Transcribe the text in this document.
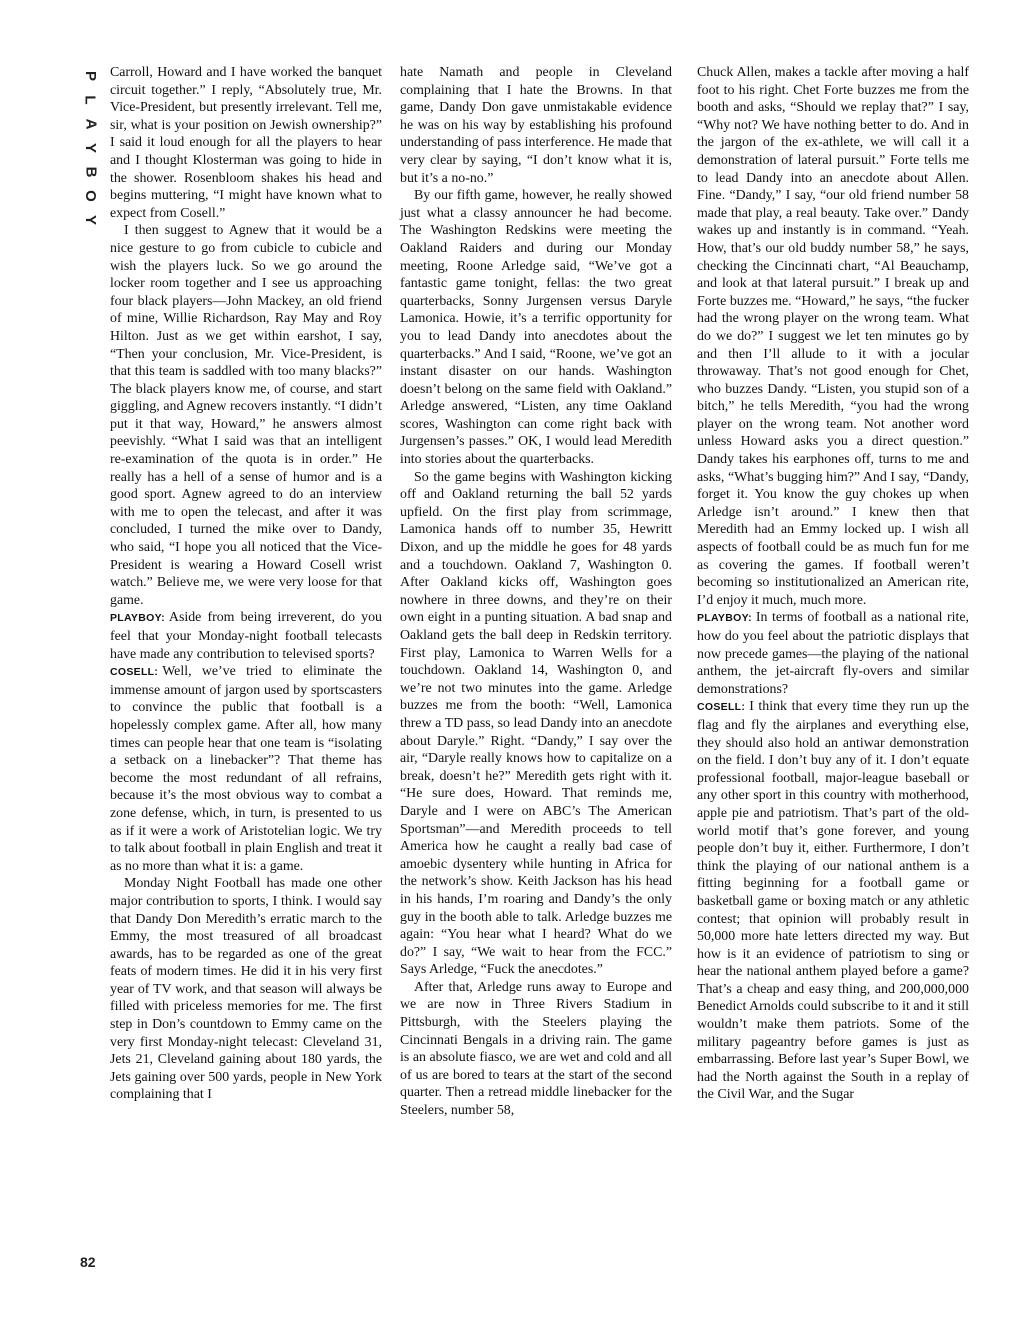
P
L
A
Y
B
O
Y

Carroll, Howard and I have worked the banquet circuit together.” I reply, “Absolutely true, Mr. Vice-President, but presently irrelevant. Tell me, sir, what is your position on Jewish ownership?” I said it loud enough for all the players to hear and I thought Klosterman was going to hide in the shower. Rosenbloom shakes his head and begins muttering, “I might have known what to expect from Cosell.”

I then suggest to Agnew that it would be a nice gesture to go from cubicle to cubicle and wish the players luck. So we go around the locker room together and I see us approaching four black players—John Mackey, an old friend of mine, Willie Richardson, Ray May and Roy Hilton. Just as we get within earshot, I say, “Then your conclusion, Mr. Vice-President, is that this team is saddled with too many blacks?” The black players know me, of course, and start giggling, and Agnew recovers instantly. “I didn’t put it that way, Howard,” he answers almost peevishly. “What I said was that an intelligent re-examination of the quota is in order.” He really has a hell of a sense of humor and is a good sport. Agnew agreed to do an interview with me to open the telecast, and after it was concluded, I turned the mike over to Dandy, who said, “I hope you all noticed that the Vice-President is wearing a Howard Cosell wrist watch.” Believe me, we were very loose for that game.

PLAYBOY: Aside from being irreverent, do you feel that your Monday-night football telecasts have made any contribution to televised sports?

COSELL: Well, we’ve tried to eliminate the immense amount of jargon used by sportscasters to convince the public that football is a hopelessly complex game. After all, how many times can people hear that one team is “isolating a setback on a linebacker”? That theme has become the most redundant of all refrains, because it’s the most obvious way to combat a zone defense, which, in turn, is presented to us as if it were a work of Aristotelian logic. We try to talk about football in plain English and treat it as no more than what it is: a game.

Monday Night Football has made one other major contribution to sports, I think. I would say that Dandy Don Meredith’s erratic march to the Emmy, the most treasured of all broadcast awards, has to be regarded as one of the great feats of modern times. He did it in his very first year of TV work, and that season will always be filled with priceless memories for me. The first step in Don’s countdown to Emmy came on the very first Monday-night telecast: Cleveland 31, Jets 21, Cleveland gaining about 180 yards, the Jets gaining over 500 yards, people in New York complaining that I

hate Namath and people in Cleveland complaining that I hate the Browns. In that game, Dandy Don gave unmistakable evidence he was on his way by establishing his profound understanding of pass interference. He made that very clear by saying, “I don’t know what it is, but it’s a no-no.”

By our fifth game, however, he really showed just what a classy announcer he had become. The Washington Redskins were meeting the Oakland Raiders and during our Monday meeting, Roone Arledge said, “We’ve got a fantastic game tonight, fellas: the two great quarterbacks, Sonny Jurgensen versus Daryle Lamonica. Howie, it’s a terrific opportunity for you to lead Dandy into anecdotes about the quarterbacks.” And I said, “Roone, we’ve got an instant disaster on our hands. Washington doesn’t belong on the same field with Oakland.” Arledge answered, “Listen, any time Oakland scores, Washington can come right back with Jurgensen’s passes.” OK, I would lead Meredith into stories about the quarterbacks.

So the game begins with Washington kicking off and Oakland returning the ball 52 yards upfield. On the first play from scrimmage, Lamonica hands off to number 35, Hewritt Dixon, and up the middle he goes for 48 yards and a touchdown. Oakland 7, Washington 0. After Oakland kicks off, Washington goes nowhere in three downs, and they’re on their own eight in a punting situation. A bad snap and Oakland gets the ball deep in Redskin territory. First play, Lamonica to Warren Wells for a touchdown. Oakland 14, Washington 0, and we’re not two minutes into the game. Arledge buzzes me from the booth: “Well, Lamonica threw a TD pass, so lead Dandy into an anecdote about Daryle.” Right. “Dandy,” I say over the air, “Daryle really knows how to capitalize on a break, doesn’t he?” Meredith gets right with it. “He sure does, Howard. That reminds me, Daryle and I were on ABC’s The American Sportsman”—and Meredith proceeds to tell America how he caught a really bad case of amoebic dysentery while hunting in Africa for the network’s show. Keith Jackson has his head in his hands, I’m roaring and Dandy’s the only guy in the booth able to talk. Arledge buzzes me again: “You hear what I heard? What do we do?” I say, “We wait to hear from the FCC.” Says Arledge, “Fuck the anecdotes.”

After that, Arledge runs away to Europe and we are now in Three Rivers Stadium in Pittsburgh, with the Steelers playing the Cincinnati Bengals in a driving rain. The game is an absolute fiasco, we are wet and cold and all of us are bored to tears at the start of the second quarter. Then a retread middle linebacker for the Steelers, number 58,

Chuck Allen, makes a tackle after moving a half foot to his right. Chet Forte buzzes me from the booth and asks, “Should we replay that?” I say, “Why not? We have nothing better to do. And in the jargon of the ex-athlete, we will call it a demonstration of lateral pursuit.” Forte tells me to lead Dandy into an anecdote about Allen. Fine. “Dandy,” I say, “our old friend number 58 made that play, a real beauty. Take over.” Dandy wakes up and instantly is in command. “Yeah. How, that’s our old buddy number 58,” he says, checking the Cincinnati chart, “Al Beauchamp, and look at that lateral pursuit.” I break up and Forte buzzes me. “Howard,” he says, “the fucker had the wrong player on the wrong team. What do we do?” I suggest we let ten minutes go by and then I’ll allude to it with a jocular throwaway. That’s not good enough for Chet, who buzzes Dandy. “Listen, you stupid son of a bitch,” he tells Meredith, “you had the wrong player on the wrong team. Not another word unless Howard asks you a direct question.” Dandy takes his earphones off, turns to me and asks, “What’s bugging him?” And I say, “Dandy, forget it. You know the guy chokes up when Arledge isn’t around.” I knew then that Meredith had an Emmy locked up. I wish all aspects of football could be as much fun for me as covering the games. If football weren’t becoming so institutionalized an American rite, I’d enjoy it much, much more.

PLAYBOY: In terms of football as a national rite, how do you feel about the patriotic displays that now precede games—the playing of the national anthem, the jet-aircraft fly-overs and similar demonstrations?

COSELL: I think that every time they run up the flag and fly the airplanes and everything else, they should also hold an antiwar demonstration on the field. I don’t buy any of it. I don’t equate professional football, major-league baseball or any other sport in this country with motherhood, apple pie and patriotism. That’s part of the old-world motif that’s gone forever, and young people don’t buy it, either. Furthermore, I don’t think the playing of our national anthem is a fitting beginning for a football game or basketball game or boxing match or any athletic contest; that opinion will probably result in 50,000 more hate letters directed my way. But how is it an evidence of patriotism to sing or hear the national anthem played before a game? That’s a cheap and easy thing, and 200,000,000 Benedict Arnolds could subscribe to it and it still wouldn’t make them patriots. Some of the military pageantry before games is just as embarrassing. Before last year’s Super Bowl, we had the North against the South in a replay of the Civil War, and the Sugar

82
